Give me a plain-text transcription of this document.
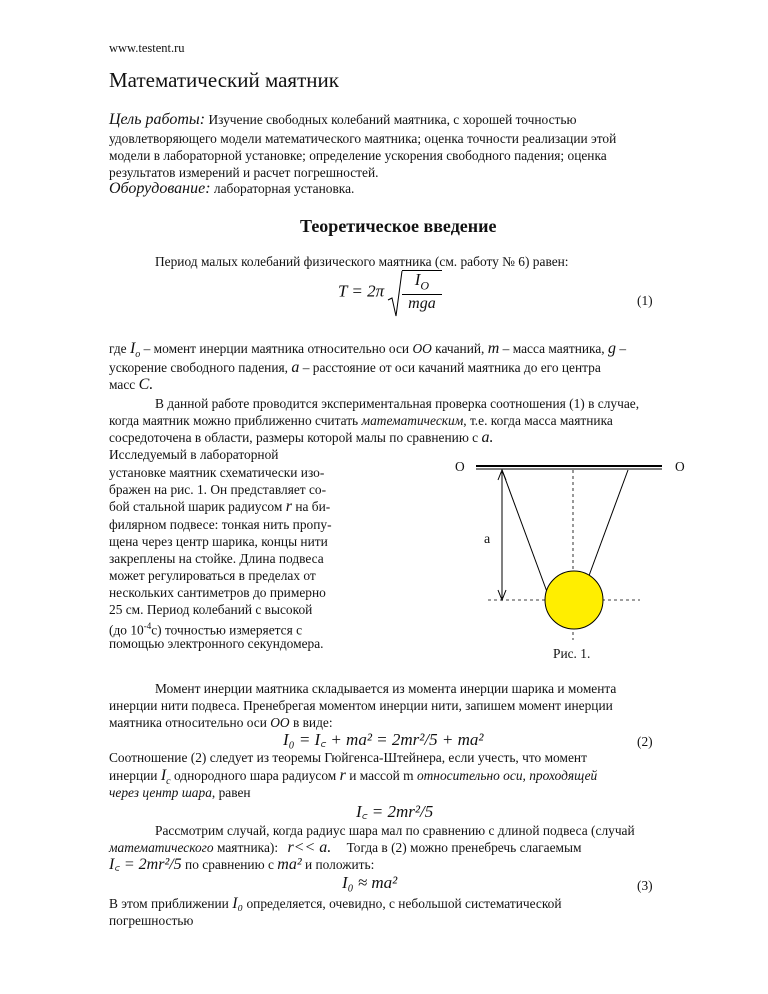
www.testent.ru
Математический маятник
Цель работы: Изучение свободных колебаний маятника, с хорошей точностью
удовлетворяющего модели математического маятника; оценка точности реализации этой
модели в лабораторной установке; определение ускорения свободного падения; оценка
результатов измерений и расчет погрешностей.
Оборудование: лабораторная установка.
Теоретическое введение
Период малых колебаний физического маятника (см. работу № 6) равен:
$T = 2\pi \frac{I_O}{\text{mga}}$	(1)
где $I_o$ – момент инерции маятника относительно оси OO качаний, m – масса маятника, g –
ускорение свободного падения, a – расстояние от оси качаний маятника до его центра
масс C.
В данной работе проводится экспериментальная проверка соотношения (1) в случае,
когда маятник можно приближенно считать математическим, т.е. когда масса маятника
сосредоточена в области, размеры которой малы по сравнению с a.
Исследуемый в лабораторной
установке маятник схематически изо-
бражен на рис. 1. Он представляет со-
бой стальной шарик радиусом r на би-
филярном подвесе: тонкая нить пропу-
щена через центр шарика, концы нити
закреплены на стойке. Длина подвеса
может регулироваться в пределах от
нескольких сантиметров до примерно
25 см. Период колебаний с высокой
(до $10^{-4}с$) точностью измеряется с
помощью электронного секундомера.
O	O
a
Рис. 1.
Момент инерции маятника складывается из момента инерции шарика и момента
инерции нити подвеса. Пренебрегая моментом инерции нити, запишем момент инерции
маятника относительно оси OO в виде:
I₀ = I꜀ + ma² = 2mr²/5 + ma²	(2)
Соотношение (2) следует из теоремы Гюйгенса-Штейнера, если учесть, что момент
инерции $I_c$ однородного шара радиусом r и массой m относительно оси, проходящей
через центр шара, равен
I꜀ = 2mr²/5
Рассмотрим случай, когда радиус шара мал по сравнению с длиной подвеса (случай
математического маятника): r<< a. Тогда в (2) можно пренебречь слагаемым
I꜀ = 2mr²/5 по сравнению с ma² и положить:
I₀ ≈ ma²	(3)
В этом приближении I₀ определяется, очевидно, с небольшой систематической
погрешностью
